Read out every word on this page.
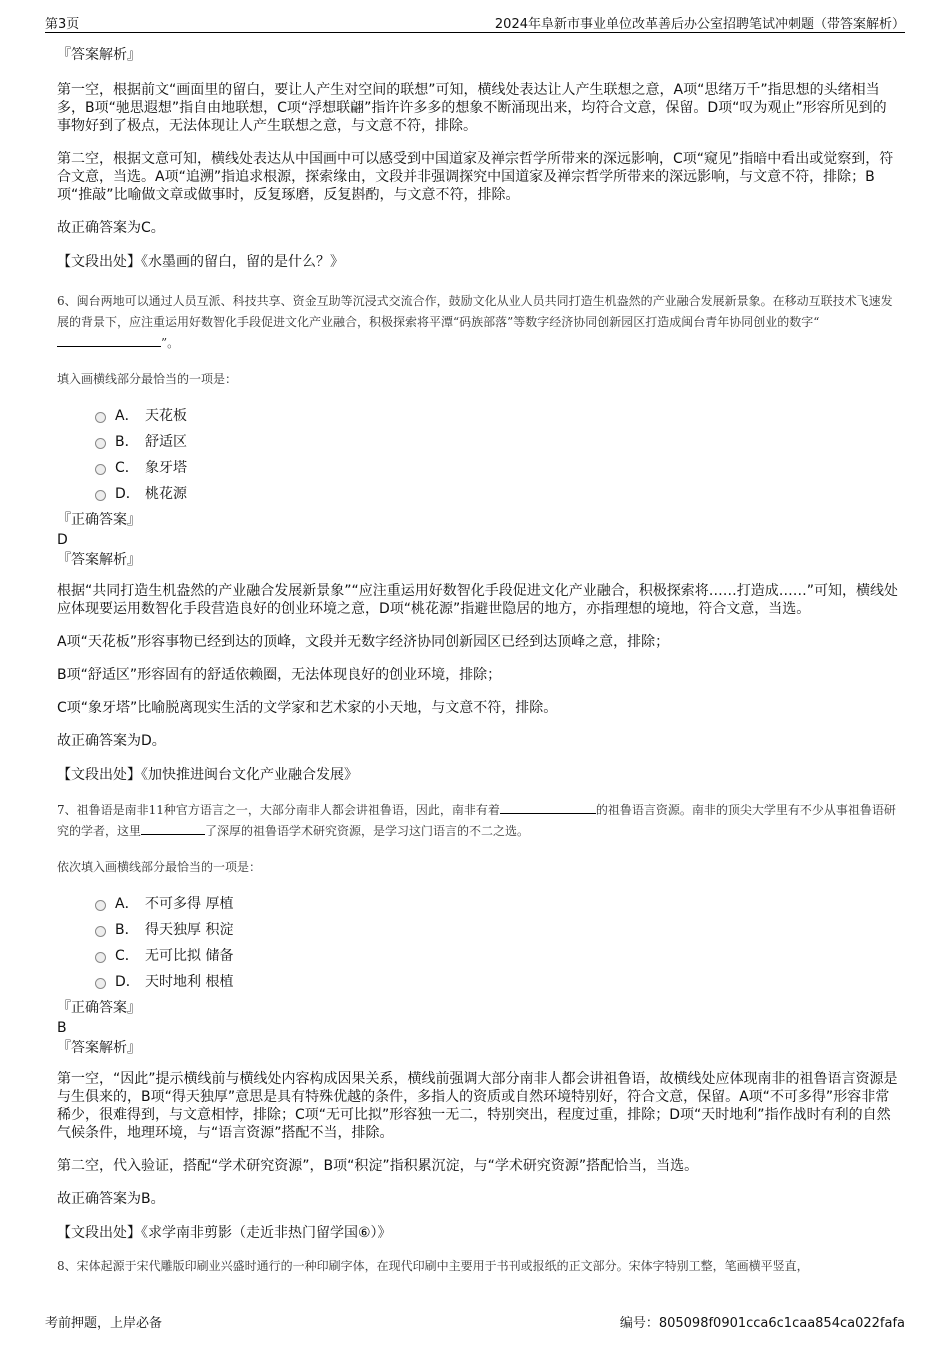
第3页	2024年阜新市事业单位改革善后办公室招聘笔试冲刺题（带答案解析）

『答案解析』

第一空，根据前文“画面里的留白，要让人产生对空间的联想”可知，横线处表达让人产生联想之意，A项“思绪万千”指思想的头绪相当多，B项“驰思遐想”指自由地联想，C项“浮想联翩”指许许多多的想象不断涌现出来，均符合文意，保留。D项“叹为观止”形容所见到的事物好到了极点，无法体现让人产生联想之意，与文意不符，排除。

第二空，根据文意可知，横线处表达从中国画中可以感受到中国道家及禅宗哲学所带来的深远影响，C项“窥见”指暗中看出或觉察到，符合文意，当选。A项“追溯”指追求根源，探索缘由，文段并非强调探究中国道家及禅宗哲学所带来的深远影响，与文意不符，排除；B项“推敲”比喻做文章或做事时，反复琢磨，反复斟酌，与文意不符，排除。

故正确答案为C。

【文段出处】《水墨画的留白，留的是什么？》

6、闽台两地可以通过人员互派、科技共享、资金互助等沉浸式交流合作，鼓励文化从业人员共同打造生机盎然的产业融合发展新景象。在移动互联技术飞速发展的背景下，应注重运用好数智化手段促进文化产业融合，积极探索将平潭“码族部落”等数字经济协同创新园区打造成闽台青年协同创业的数字“”。

填入画横线部分最恰当的一项是：

A． 天花板
B． 舒适区
C． 象牙塔
D． 桃花源

『正确答案』

D

『答案解析』

根据“共同打造生机盎然的产业融合发展新景象”“应注重运用好数智化手段促进文化产业融合，积极探索将……打造成……”可知，横线处应体现要运用数智化手段营造良好的创业环境之意，D项“桃花源”指避世隐居的地方，亦指理想的境地，符合文意，当选。

A项“天花板”形容事物已经到达的顶峰，文段并无数字经济协同创新园区已经到达顶峰之意，排除；

B项“舒适区”形容固有的舒适依赖圈，无法体现良好的创业环境，排除；

C项“象牙塔”比喻脱离现实生活的文学家和艺术家的小天地，与文意不符，排除。

故正确答案为D。

【文段出处】《加快推进闽台文化产业融合发展》

7、祖鲁语是南非11种官方语言之一，大部分南非人都会讲祖鲁语，因此，南非有着	的祖鲁语言资源。南非的顶尖大学里有不少从事祖鲁语研究的学者，这里	了深厚的祖鲁语学术研究资源，是学习这门语言的不二之选。

依次填入画横线部分最恰当的一项是：

A． 不可多得 厚植
B． 得天独厚 积淀
C． 无可比拟 储备
D． 天时地利 根植

『正确答案』

B

『答案解析』

第一空，“因此”提示横线前与横线处内容构成因果关系，横线前强调大部分南非人都会讲祖鲁语，故横线处应体现南非的祖鲁语言资源是与生俱来的，B项“得天独厚”意思是具有特殊优越的条件，多指人的资质或自然环境特别好，符合文意，保留。A项“不可多得”形容非常稀少，很难得到，与文意相悖，排除；C项“无可比拟”形容独一无二，特别突出，程度过重，排除；D项“天时地利”指作战时有利的自然气候条件，地理环境，与“语言资源”搭配不当，排除。

第二空，代入验证，搭配“学术研究资源”，B项“积淀”指积累沉淀，与“学术研究资源”搭配恰当，当选。

故正确答案为B。

【文段出处】《求学南非剪影（走近非热门留学国⑥）》

8、宋体起源于宋代雕版印刷业兴盛时通行的一种印刷字体，在现代印刷中主要用于书刊或报纸的正文部分。宋体字特别工整，笔画横平竖直，

考前押题，上岸必备	编号：805098f0901cca6c1caa854ca022fafa
